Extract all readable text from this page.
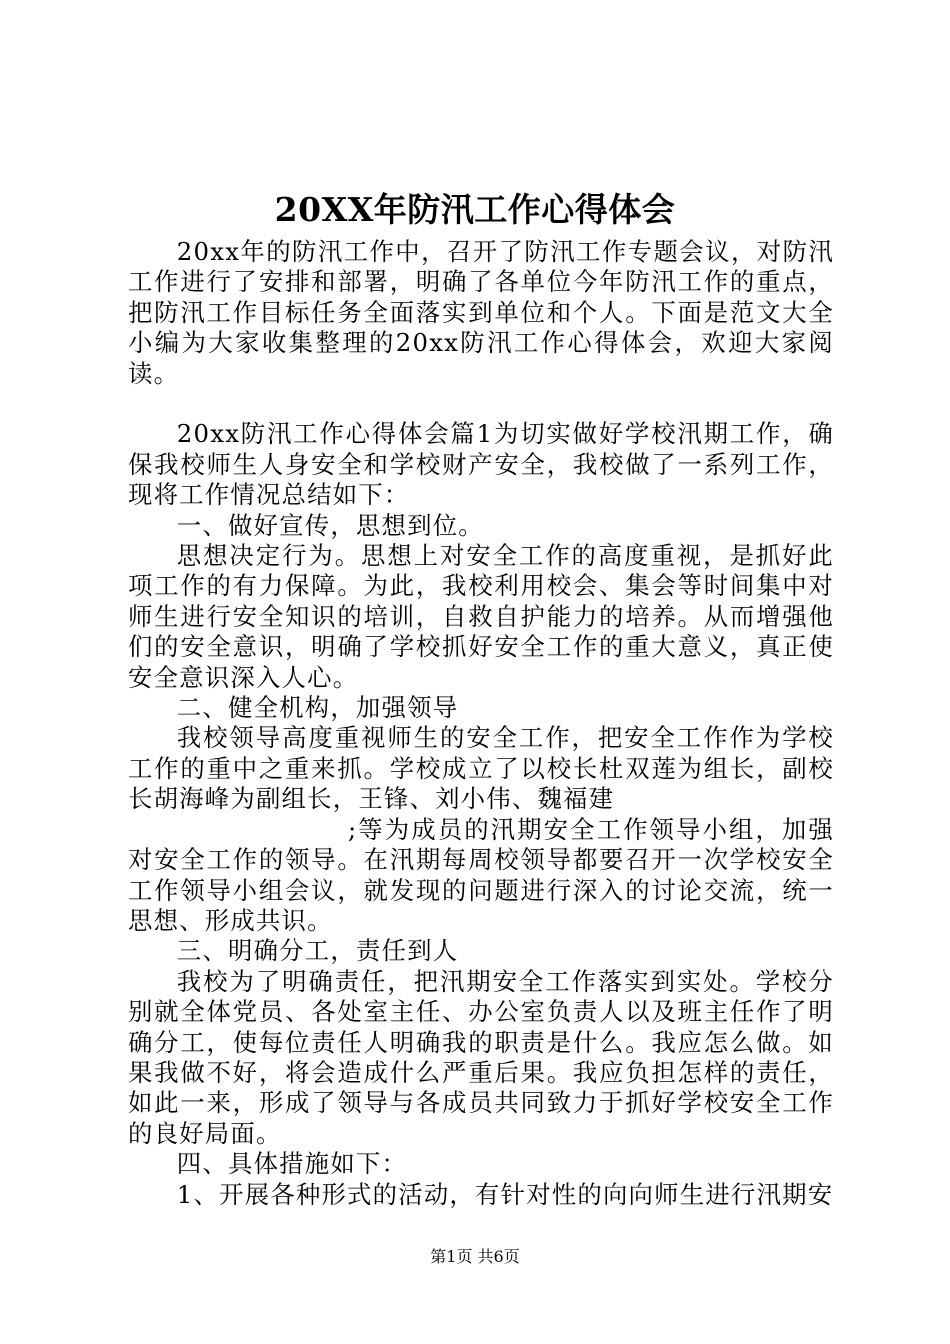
20XX年防汛工作心得体会

20xx年的防汛工作中，召开了防汛工作专题会议，对防汛工作进行了安排和部署，明确了各单位今年防汛工作的重点，把防汛工作目标任务全面落实到单位和个人。下面是范文大全小编为大家收集整理的20xx防汛工作心得体会，欢迎大家阅读。

20xx防汛工作心得体会篇1为切实做好学校汛期工作，确保我校师生人身安全和学校财产安全，我校做了一系列工作，现将工作情况总结如下：

一、做好宣传，思想到位。

思想决定行为。思想上对安全工作的高度重视，是抓好此项工作的有力保障。为此，我校利用校会、集会等时间集中对师生进行安全知识的培训，自救自护能力的培养。从而增强他们的安全意识，明确了学校抓好安全工作的重大意义，真正使安全意识深入人心。

二、健全机构，加强领导

我校领导高度重视师生的安全工作，把安全工作作为学校工作的重中之重来抓。学校成立了以校长杜双莲为组长，副校长胡海峰为副组长，王锋、刘小伟、魏福建

;等为成员的汛期安全工作领导小组，加强对安全工作的领导。在汛期每周校领导都要召开一次学校安全工作领导小组会议，就发现的问题进行深入的讨论交流，统一思想、形成共识。

三、明确分工，责任到人

我校为了明确责任，把汛期安全工作落实到实处。学校分别就全体党员、各处室主任、办公室负责人以及班主任作了明确分工，使每位责任人明确我的职责是什么。我应怎么做。如果我做不好，将会造成什么严重后果。我应负担怎样的责任，如此一来，形成了领导与各成员共同致力于抓好学校安全工作的良好局面。

四、具体措施如下：

1、开展各种形式的活动，有针对性的向向师生进行汛期安

第1页 共6页
